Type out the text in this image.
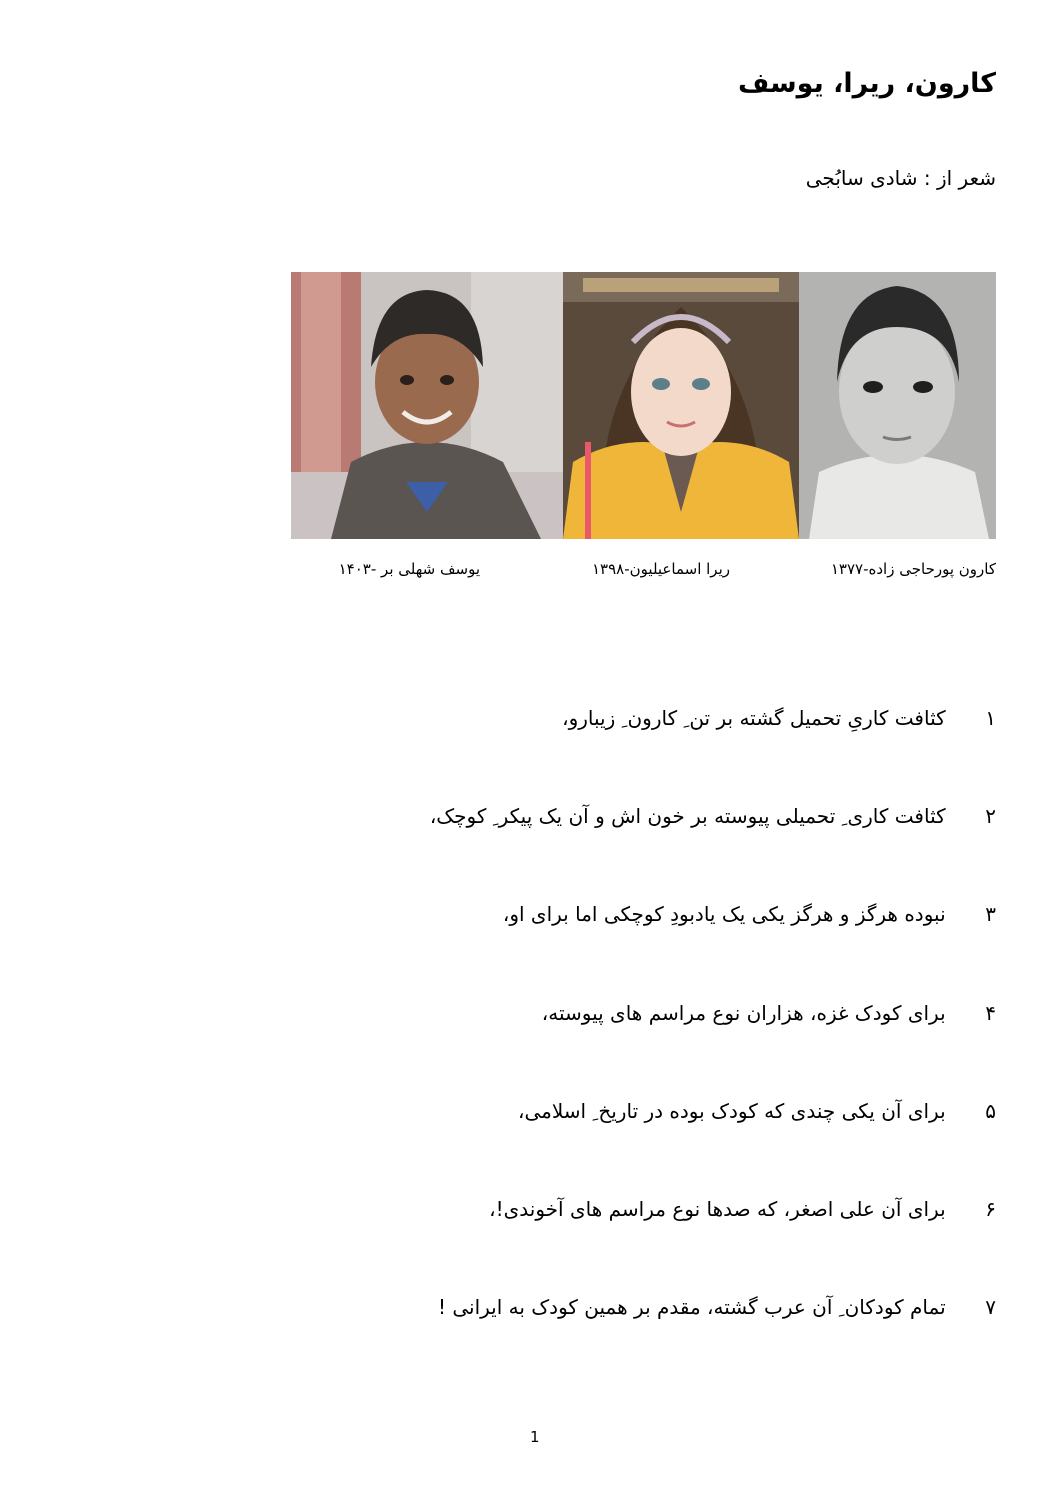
کارون، ریرا، یوسف
شعر از : شادی سابُجی
کارون پورحاجی زاده-۱۳۷۷
ریرا اسماعیلیون-۱۳۹۸
یوسف شهلی بر -۱۴۰۳
۱ کثافت کاریِ تحمیل گشته بر تن ِ کارون ِ زیبارو،
۲ کثافت کاری ِ تحمیلی پیوسته بر خون اش و آن یک پیکر ِ کوچک،
۳ نبوده هرگز و هرگز یکی یک یادبودِ کوچکی اما برای او،
۴ برای کودک غزه، هزاران نوع مراسم های پیوسته،
۵ برای آن یکی چندی که کودک بوده در تاریخ ِ اسلامی،
۶ برای آن علی اصغر، که صدها نوع مراسم های آخوندی!،
۷ تمام کودکان ِ آن عرب گشته، مقدم بر همین کودک به ایرانی !
1
